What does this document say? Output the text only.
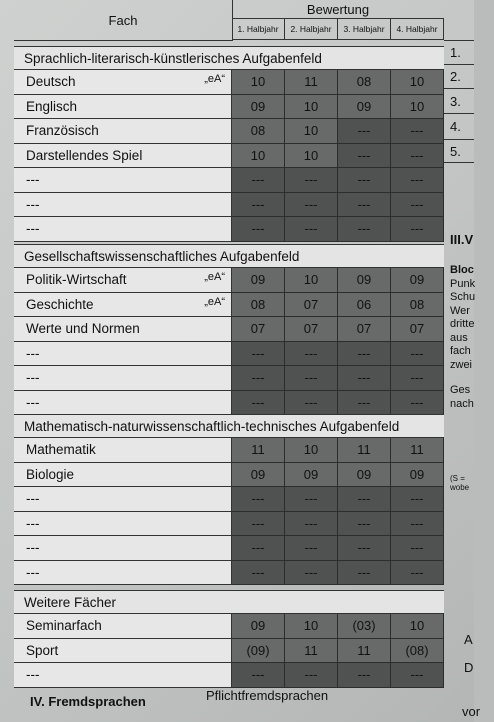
Fach
Bewertung
1. Halbjahr	2. Halbjahr	3. Halbjahr	4. Halbjahr
Sprachlich-literarisch-künstlerisches Aufgabenfeld
Deutsch	„eA“	10	11	08	10
Englisch	09	10	09	10
Französisch	08	10	---	---
Darstellendes Spiel	10	10	---	---
---	---	---	---	---
---	---	---	---	---
---	---	---	---	---
Gesellschaftswissenschaftliches Aufgabenfeld
Politik-Wirtschaft	„eA“	09	10	09	09
Geschichte	„eA“	08	07	06	08
Werte und Normen	07	07	07	07
---	---	---	---	---
---	---	---	---	---
---	---	---	---	---
Mathematisch-naturwissenschaftlich-technisches Aufgabenfeld
Mathematik	11	10	11	11
Biologie	09	09	09	09
---	---	---	---	---
---	---	---	---	---
---	---	---	---	---
---	---	---	---	---
Weitere Fächer
Seminarfach	09	10	(03)	10
Sport	(09)	11	11	(08)
---	---	---	---	---
1.
2.
3.
4.
5.
III.V
Bloc
Punk
Schu
Wer
dritte
aus
fach
zwei
Ges
nach
(S =
wobe
A
D
vor
IV. Fremdsprachen	Pflichtfremdsprachen
